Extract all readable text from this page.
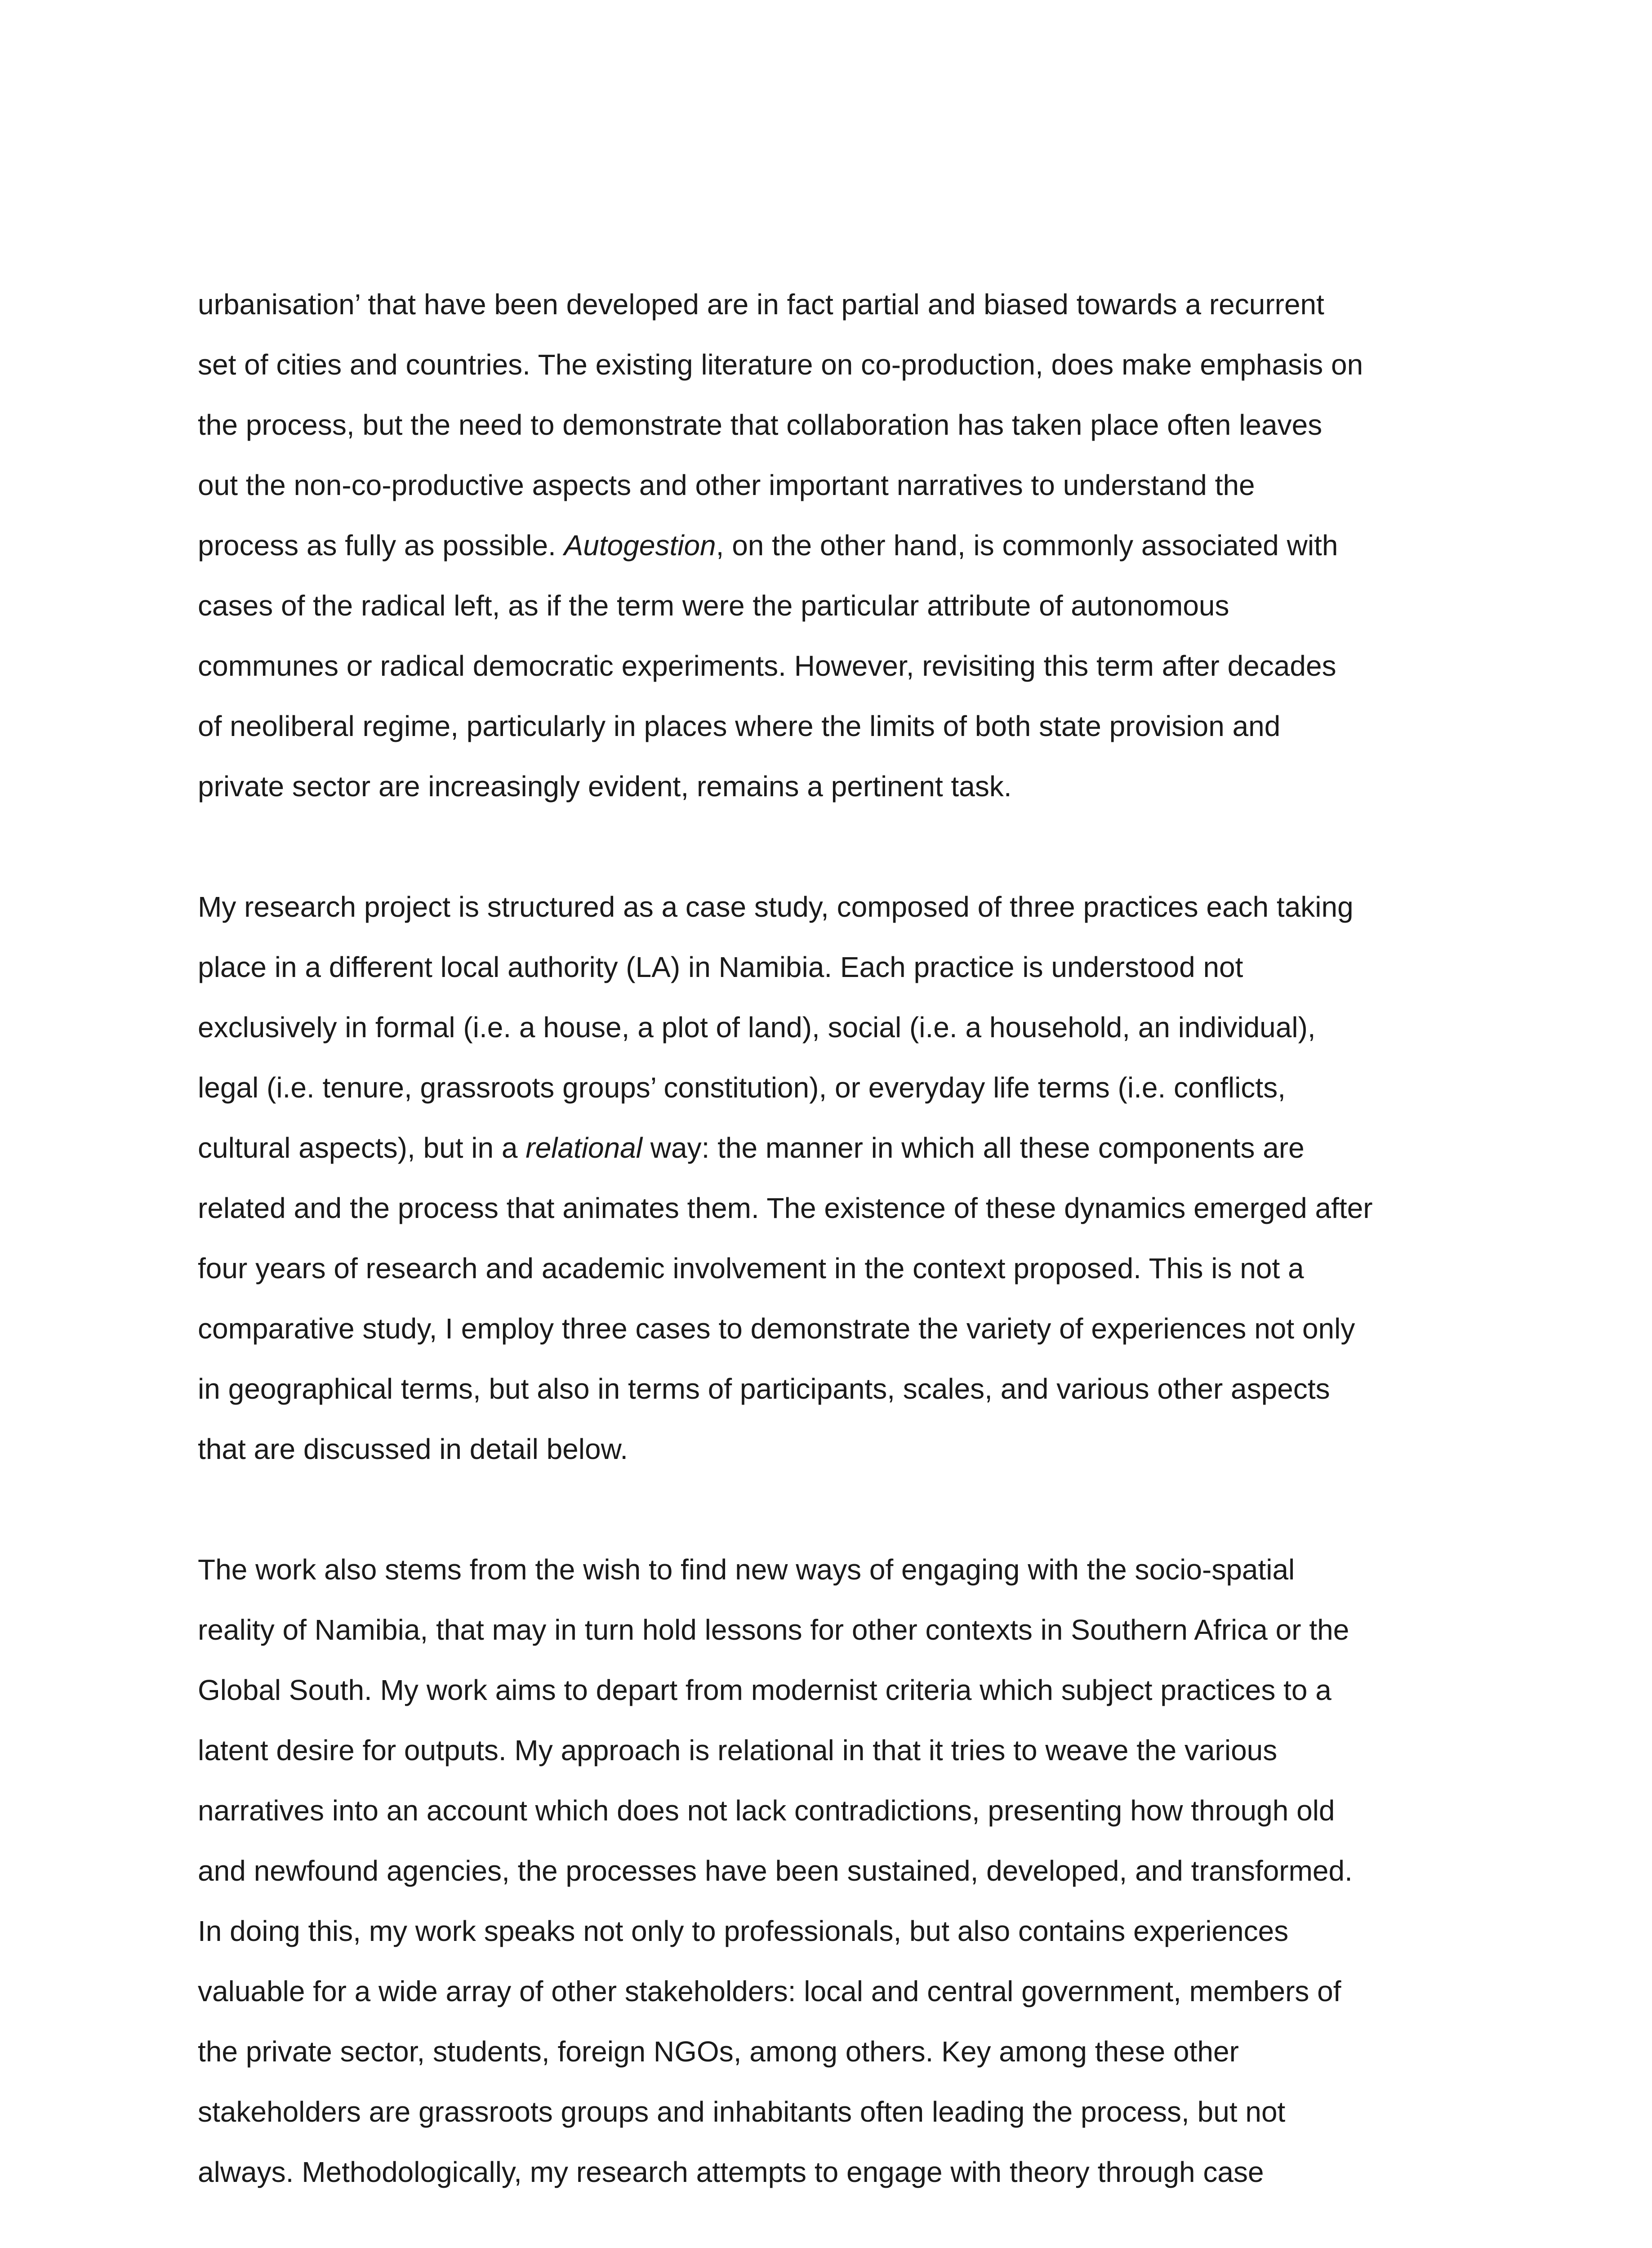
urbanisation’ that have been developed are in fact partial and biased towards a recurrent
set of cities and countries. The existing literature on co-production, does make emphasis on
the process, but the need to demonstrate that collaboration has taken place often leaves
out the non-co-productive aspects and other important narratives to understand the
process as fully as possible. Autogestion, on the other hand, is commonly associated with
cases of the radical left, as if the term were the particular attribute of autonomous
communes or radical democratic experiments. However, revisiting this term after decades
of neoliberal regime, particularly in places where the limits of both state provision and
private sector are increasingly evident, remains a pertinent task.

My research project is structured as a case study, composed of three practices each taking
place in a different local authority (LA) in Namibia. Each practice is understood not
exclusively in formal (i.e. a house, a plot of land), social (i.e. a household, an individual),
legal (i.e. tenure, grassroots groups’ constitution), or everyday life terms (i.e. conflicts,
cultural aspects), but in a relational way: the manner in which all these components are
related and the process that animates them. The existence of these dynamics emerged after
four years of research and academic involvement in the context proposed. This is not a
comparative study, I employ three cases to demonstrate the variety of experiences not only
in geographical terms, but also in terms of participants, scales, and various other aspects
that are discussed in detail below.

The work also stems from the wish to find new ways of engaging with the socio-spatial
reality of Namibia, that may in turn hold lessons for other contexts in Southern Africa or the
Global South. My work aims to depart from modernist criteria which subject practices to a
latent desire for outputs. My approach is relational in that it tries to weave the various
narratives into an account which does not lack contradictions, presenting how through old
and newfound agencies, the processes have been sustained, developed, and transformed.
In doing this, my work speaks not only to professionals, but also contains experiences
valuable for a wide array of other stakeholders: local and central government, members of
the private sector, students, foreign NGOs, among others. Key among these other
stakeholders are grassroots groups and inhabitants often leading the process, but not
always. Methodologically, my research attempts to engage with theory through case
